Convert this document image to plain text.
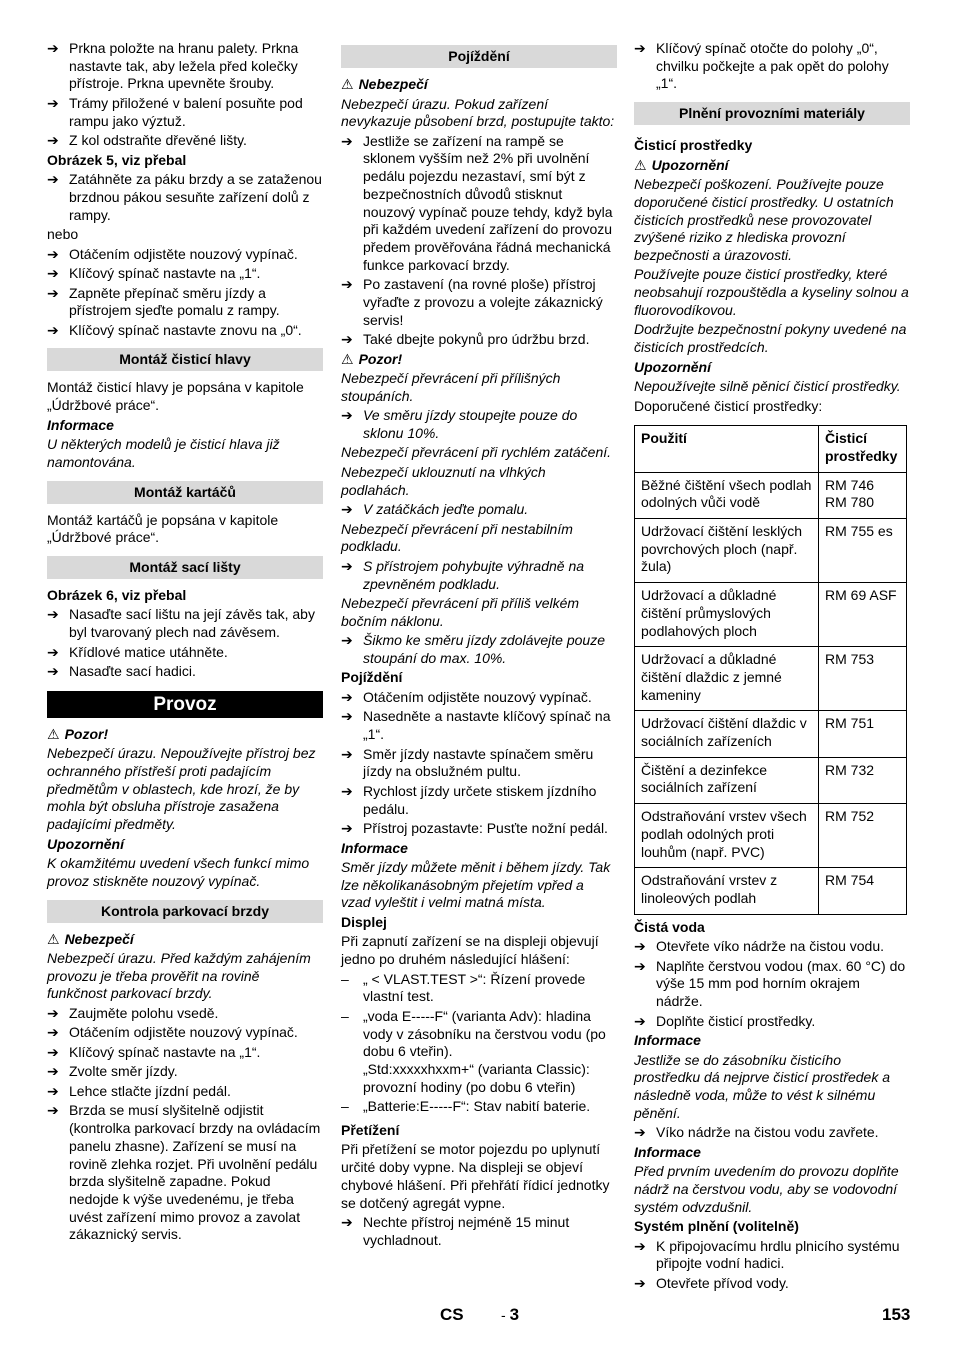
➔ Prkna položte na hranu palety. Prkna nastavte tak, aby ležela před kolečky přístroje. Prkna upevněte šrouby.
➔ Trámy přiložené v balení posuňte pod rampu jako výztuž.
➔ Z kol odstraňte dřevěné lišty.
Obrázek 5, viz přebal
➔ Zatáhněte za páku brzdy a se zataženou brzdnou pákou sesuňte zařízení dolů z rampy.
nebo
➔ Otáčením odjistěte nouzový vypínač.
➔ Klíčový spínač nastavte na „1“.
➔ Zapněte přepínač směru jízdy a přístrojem sjeďte pomalu z rampy.
➔ Klíčový spínač nastavte znovu na „0“.
Montáž čisticí hlavy
Montáž čisticí hlavy je popsána v kapitole „Údržbové práce“.
Informace
U některých modelů je čisticí hlava již namontována.
Montáž kartáčů
Montáž kartáčů je popsána v kapitole „Údržbové práce“.
Montáž sací lišty
Obrázek 6, viz přebal
➔ Nasaďte sací lištu na její závěs tak, aby byl tvarovaný plech nad závěsem.
➔ Křídlové matice utáhněte.
➔ Nasaďte sací hadici.
Provoz
⚠ Pozor!
Nebezpečí úrazu. Nepoužívejte přístroj bez ochranného přístřeší proti padajícím předmětům v oblastech, kde hrozí, že by mohla být obsluha přístroje zasažena padajícími předměty.
Upozornění
K okamžitému uvedení všech funkcí mimo provoz stiskněte nouzový vypínač.
Kontrola parkovací brzdy
⚠ Nebezpečí
Nebezpečí úrazu. Před každým zahájením provozu je třeba prověřit na rovině funkčnost parkovací brzdy.
➔ Zaujměte polohu vsedě.
➔ Otáčením odjistěte nouzový vypínač.
➔ Klíčový spínač nastavte na „1“.
➔ Zvolte směr jízdy.
➔ Lehce stlačte jízdní pedál.
➔ Brzda se musí slyšitelně odjistit (kontrolka parkovací brzdy na ovládacím panelu zhasne). Zařízení se musí na rovině zlehka rozjet. Při uvolnění pedálu brzda slyšitelně zapadne. Pokud nedojde k výše uvedenému, je třeba uvést zařízení mimo provoz a zavolat zákaznický servis.
Pojíždění
⚠ Nebezpečí
Nebezpečí úrazu. Pokud zařízení nevykazuje působení brzd, postupujte takto:
➔ Jestliže se zařízení na rampě se sklonem vyšším než 2% při uvolnění pedálu pojezdu nezastaví, smí být z bezpečnostních důvodů stisknut nouzový vypínač pouze tehdy, když byla při každém uvedení zařízení do provozu předem prověřována řádná mechanická funkce parkovací brzdy.
➔ Po zastavení (na rovné ploše) přístroj vyřaďte z provozu a volejte zákaznický servis!
➔ Také dbejte pokynů pro údržbu brzd.
⚠ Pozor!
Nebezpečí převrácení při přílišných stoupáních.
➔ Ve směru jízdy stoupejte pouze do sklonu 10%.
Nebezpečí převrácení při rychlém zatáčení.
Nebezpečí uklouznutí na vlhkých podlahách.
➔ V zatáčkách jeďte pomalu.
Nebezpečí převrácení při nestabilním podkladu.
➔ S přístrojem pohybujte výhradně na zpevněném podkladu.
Nebezpečí převrácení při příliš velkém bočním náklonu.
➔ Šikmo ke směru jízdy zdolávejte pouze stoupání do max. 10%.
Pojíždění
➔ Otáčením odjistěte nouzový vypínač.
➔ Nasedněte a nastavte klíčový spínač na „1“.
➔ Směr jízdy nastavte spínačem směru jízdy na obslužném pultu.
➔ Rychlost jízdy určete stiskem jízdního pedálu.
➔ Přístroj pozastavte: Pusťte nožní pedál.
Informace
Směr jízdy můžete měnit i během jízdy. Tak lze několikanásobným přejetím vpřed a vzad vyleštit i velmi matná místa.
Displej
Při zapnutí zařízení se na displeji objevují jedno po druhém následující hlášení:
–	„ < VLAST.TEST >“: Řízení provede vlastní test.
–	„voda E-----F“ (varianta Adv): hladina vody v zásobníku na čerstvou vodu (po dobu 6 vteřin).
„Std:xxxxxhxxm+“ (varianta Classic): provozní hodiny (po dobu 6 vteřin)
–	„Batterie:E-----F“: Stav nabití baterie.
Přetížení
Při přetížení se motor pojezdu po uplynutí určité doby vypne. Na displeji se objeví chybové hlášení. Při přehřátí řídicí jednotky se dotčený agregát vypne.
➔ Nechte přístroj nejméně 15 minut vychladnout.
➔ Klíčový spínač otočte do polohy „0“, chvilku počkejte a pak opět do polohy „1“.
Plnění provozními materiály
Čisticí prostředky
⚠ Upozornění
Nebezpečí poškození. Používejte pouze doporučené čisticí prostředky. U ostatních čisticích prostředků nese provozovatel zvýšené riziko z hlediska provozní bezpečnosti a úrazovosti.
Používejte pouze čisticí prostředky, které neobsahují rozpouštědla a kyseliny solnou a fluorovodíkovou.
Dodržujte bezpečnostní pokyny uvedené na čisticích prostředcích.
Upozornění
Nepoužívejte silně pěnicí čisticí prostředky.
Doporučené čisticí prostředky:
Použití	Čisticí prostředky
Běžné čištění všech podlah odolných vůči vodě	RM 746
RM 780
Udržovací čištění lesklých povrchových ploch (např. žula)	RM 755 es
Udržovací a důkladné čištění průmyslových podlahových ploch	RM 69 ASF
Udržovací a důkladné čištění dlaždic z jemné kameniny	RM 753
Udržovací čištění dlaždic v sociálních zařízeních	RM 751
Čištění a dezinfekce sociálních zařízení	RM 732
Odstraňování vrstev všech podlah odolných proti louhům (např. PVC)	RM 752
Odstraňování vrstev z linoleových podlah	RM 754
Čistá voda
➔ Otevřete víko nádrže na čistou vodu.
➔ Naplňte čerstvou vodou (max. 60 °C) do výše 15 mm pod horním okrajem nádrže.
➔ Doplňte čisticí prostředky.
Informace
Jestliže se do zásobníku čisticího prostředku dá nejprve čisticí prostředek a následně voda, může to vést k silnému pěnění.
➔ Víko nádrže na čistou vodu zavřete.
Informace
Před prvním uvedením do provozu doplňte nádrž na čerstvou vodu, aby se vodovodní systém odvzdušnil.
Systém plnění (volitelně)
➔ K připojovacímu hrdlu plnicího systému připojte vodní hadici.
➔ Otevřete přívod vody.
CS	- 3	153
